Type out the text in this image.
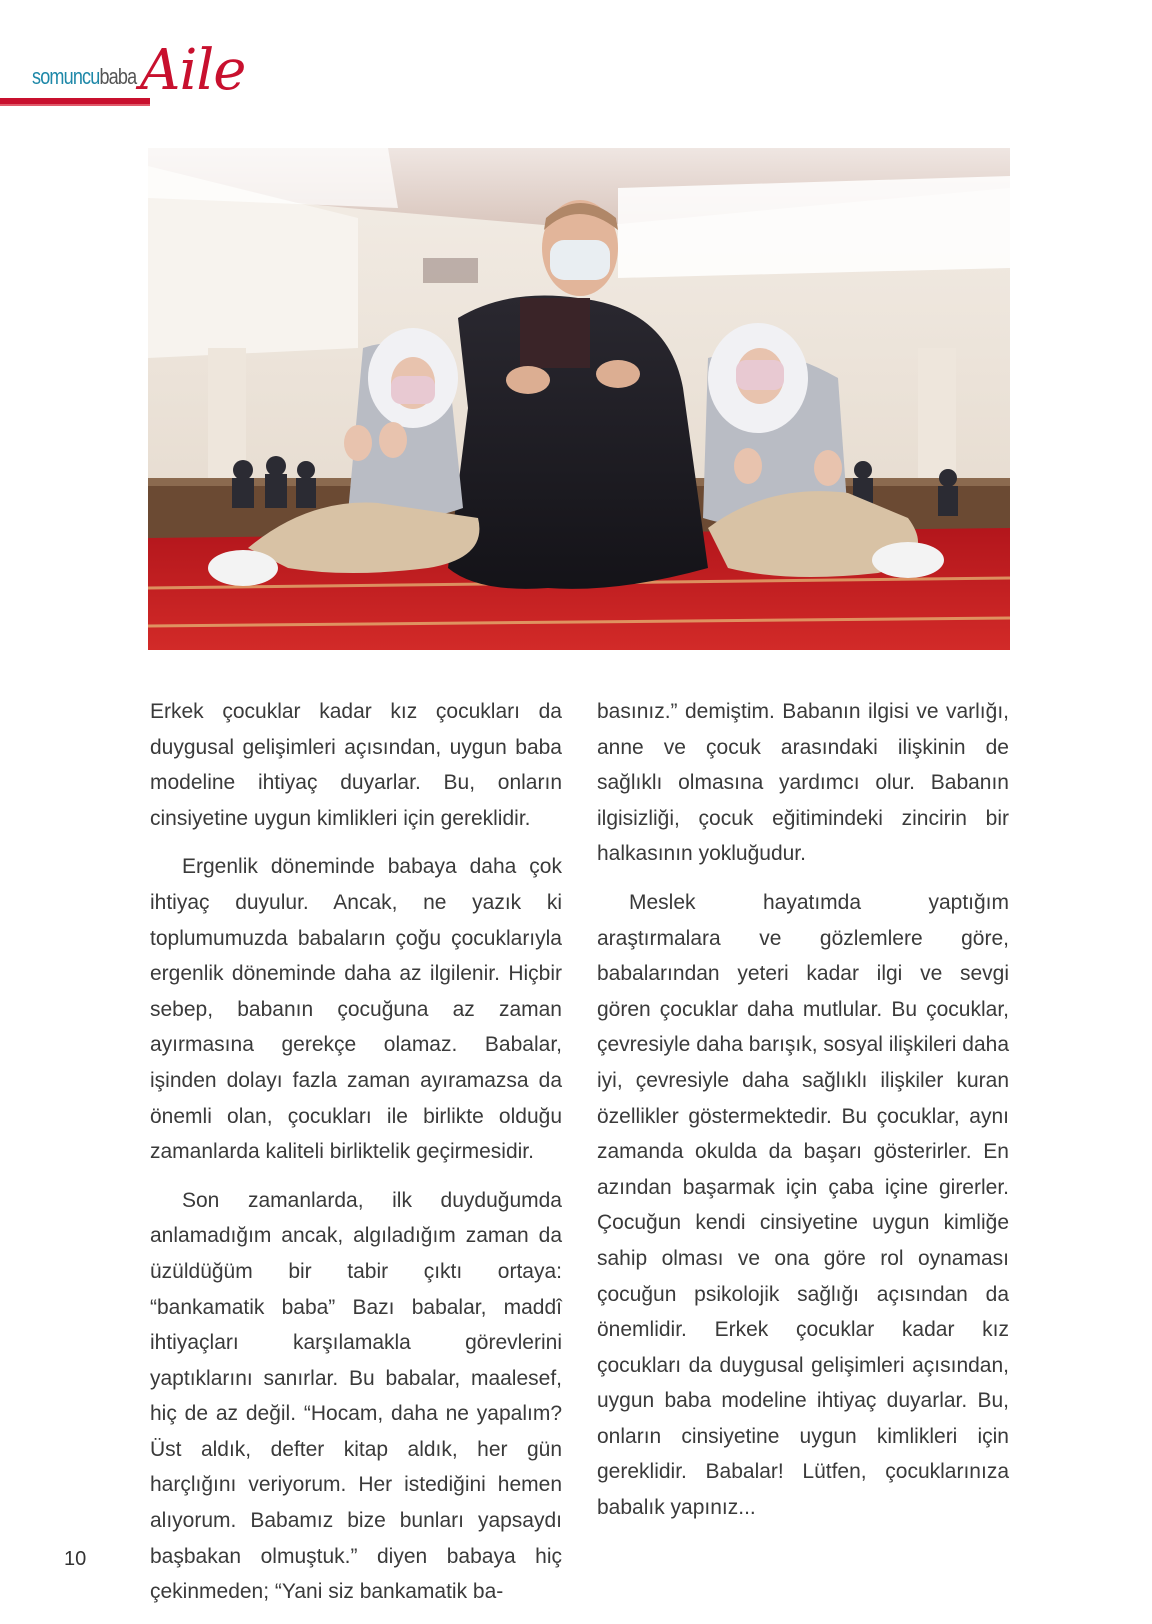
somuncubaba Aile

Erkek çocuklar kadar kız çocukları da duygusal gelişimleri açısından, uygun baba modeline ihtiyaç duyarlar. Bu, onların cinsiyetine uygun kimlikleri için gereklidir.

Ergenlik döneminde babaya daha çok ihtiyaç duyulur. Ancak, ne yazık ki toplumumuzda babaların çoğu çocuklarıyla ergenlik döneminde daha az ilgilenir. Hiçbir sebep, babanın çocuğuna az zaman ayırmasına gerekçe olamaz. Babalar, işinden dolayı fazla zaman ayıramazsa da önemli olan, çocukları ile birlikte olduğu zamanlarda kaliteli birliktelik geçirmesidir.

Son zamanlarda, ilk duyduğumda anlamadığım ancak, algıladığım zaman da üzüldüğüm bir tabir çıktı ortaya: “bankamatik baba” Bazı babalar, maddî ihtiyaçları karşılamakla görevlerini yaptıklarını sanırlar. Bu babalar, maalesef, hiç de az değil. “Hocam, daha ne yapalım? Üst aldık, defter kitap aldık, her gün harçlığını veriyorum. Her istediğini hemen alıyorum. Babamız bize bunları yapsaydı başbakan olmuştuk.” diyen babaya hiç çekinmeden; “Yani siz bankamatik ba-

basınız.” demiştim. Babanın ilgisi ve varlığı, anne ve çocuk arasındaki ilişkinin de sağlıklı olmasına yardımcı olur. Babanın ilgisizliği, çocuk eğitimindeki zincirin bir halkasının yokluğudur.

Meslek hayatımda yaptığım araştırmalara ve gözlemlere göre, babalarından yeteri kadar ilgi ve sevgi gören çocuklar daha mutlular. Bu çocuklar, çevresiyle daha barışık, sosyal ilişkileri daha iyi, çevresiyle daha sağlıklı ilişkiler kuran özellikler göstermektedir. Bu çocuklar, aynı zamanda okulda da başarı gösterirler. En azından başarmak için çaba içine girerler. Çocuğun kendi cinsiyetine uygun kimliğe sahip olması ve ona göre rol oynaması çocuğun psikolojik sağlığı açısından da önemlidir. Erkek çocuklar kadar kız çocukları da duygusal gelişimleri açısından, uygun baba modeline ihtiyaç duyarlar. Bu, onların cinsiyetine uygun kimlikleri için gereklidir. Babalar! Lütfen, çocuklarınıza babalık yapınız...

10
